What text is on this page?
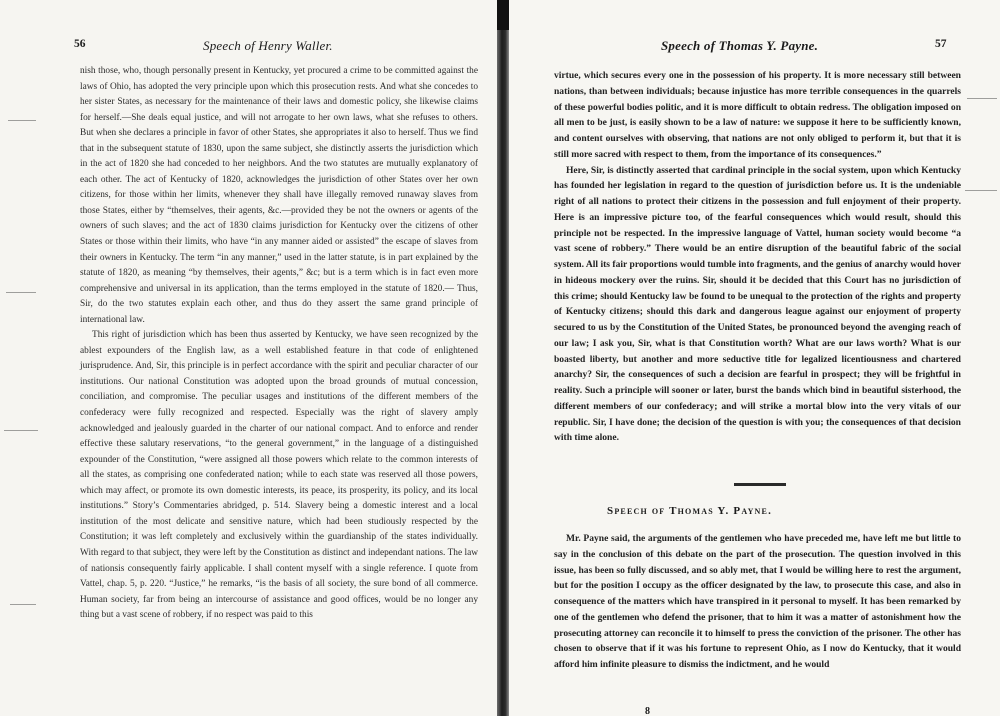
56	Speech of Henry Waller.

nish those, who, though personally present in Kentucky, yet procured a crime to be committed against the laws of Ohio, has adopted the very principle upon which this prosecution rests. And what she concedes to her sister States, as necessary for the maintenance of their laws and domestic policy, she likewise claims for herself.—She deals equal justice, and will not arrogate to her own laws, what she refuses to others. But when she declares a principle in favor of other States, she appropriates it also to herself. Thus we find that in the subsequent statute of 1830, upon the same subject, she distinctly asserts the jurisdiction which in the act of 1820 she had conceded to her neighbors. And the two statutes are mutually explanatory of each other. The act of Kentucky of 1820, acknowledges the jurisdiction of other States over her own citizens, for those within her limits, whenever they shall have illegally removed runaway slaves from those States, either by “themselves, their agents, &c.—provided they be not the owners or agents of the owners of such slaves; and the act of 1830 claims jurisdiction for Kentucky over the citizens of other States or those within their limits, who have “in any manner aided or assisted” the escape of slaves from their owners in Kentucky. The term “in any manner,” used in the latter statute, is in part explained by the statute of 1820, as meaning “by themselves, their agents,” &c; but is a term which is in fact even more comprehensive and universal in its application, than the terms employed in the statute of 1820.— Thus, Sir, do the two statutes explain each other, and thus do they assert the same grand principle of international law.

This right of jurisdiction which has been thus asserted by Kentucky, we have seen recognized by the ablest expounders of the English law, as a well established feature in that code of enlightened jurisprudence. And, Sir, this principle is in perfect accordance with the spirit and peculiar character of our institutions. Our national Constitution was adopted upon the broad grounds of mutual concession, conciliation, and compromise. The peculiar usages and institutions of the different members of the confederacy were fully recognized and respected. Especially was the right of slavery amply acknowledged and jealously guarded in the charter of our national compact. And to enforce and render effective these salutary reservations, “to the general government,” in the language of a distinguished expounder of the Constitution, “were assigned all those powers which relate to the common interests of all the states, as comprising one confederated nation; while to each state was reserved all those powers, which may affect, or promote its own domestic interests, its peace, its prosperity, its policy, and its local institutions.” Story’s Commentaries abridged, p. 514. Slavery being a domestic interest and a local institution of the most delicate and sensitive nature, which had been studiously respected by the Constitution; it was left completely and exclusively within the guardianship of the states individually. With regard to that subject, they were left by the Constitution as distinct and independant nations. The law of nationsis consequently fairly applicable. I shall content myself with a single reference. I quote from Vattel, chap. 5, p. 220. “Justice,” he remarks, “is the basis of all society, the sure bond of all commerce. Human society, far from being an intercourse of assistance and good offices, would be no longer any thing but a vast scene of robbery, if no respect was paid to this

Speech of Thomas Y. Payne.	57

virtue, which secures every one in the possession of his property. It is more necessary still between nations, than between individuals; because injustice has more terrible consequences in the quarrels of these powerful bodies politic, and it is more difficult to obtain redress. The obligation imposed on all men to be just, is easily shown to be a law of nature: we suppose it here to be sufficiently known, and content ourselves with observing, that nations are not only obliged to perform it, but that it is still more sacred with respect to them, from the importance of its consequences.”

Here, Sir, is distinctly asserted that cardinal principle in the social system, upon which Kentucky has founded her legislation in regard to the question of jurisdiction before us. It is the undeniable right of all nations to protect their citizens in the possession and full enjoyment of their property. Here is an impressive picture too, of the fearful consequences which would result, should this principle not be respected. In the impressive language of Vattel, human society would become “a vast scene of robbery.” There would be an entire disruption of the beautiful fabric of the social system. All its fair proportions would tumble into fragments, and the genius of anarchy would hover in hideous mockery over the ruins. Sir, should it be decided that this Court has no jurisdiction of this crime; should Kentucky law be found to be unequal to the protection of the rights and property of Kentucky citizens; should this dark and dangerous league against our enjoyment of property secured to us by the Constitution of the United States, be pronounced beyond the avenging reach of our law; I ask you, Sir, what is that Constitution worth? What are our laws worth? What is our boasted liberty, but another and more seductive title for legalized licentiousness and chartered anarchy? Sir, the consequences of such a decision are fearful in prospect; they will be frightful in reality. Such a principle will sooner or later, burst the bands which bind in beautiful sisterhood, the different members of our confederacy; and will strike a mortal blow into the very vitals of our republic. Sir, I have done; the decision of the question is with you; the consequences of that decision with time alone.

Speech of Thomas Y. Payne.

Mr. Payne said, the arguments of the gentlemen who have preceded me, have left me but little to say in the conclusion of this debate on the part of the prosecution. The question involved in this issue, has been so fully discussed, and so ably met, that I would be willing here to rest the argument, but for the position I occupy as the officer designated by the law, to prosecute this case, and also in consequence of the matters which have transpired in it personal to myself. It has been remarked by one of the gentlemen who defend the prisoner, that to him it was a matter of astonishment how the prosecuting attorney can reconcile it to himself to press the conviction of the prisoner. The other has chosen to observe that if it was his fortune to represent Ohio, as I now do Kentucky, that it would afford him infinite pleasure to dismiss the indictment, and he would

8
